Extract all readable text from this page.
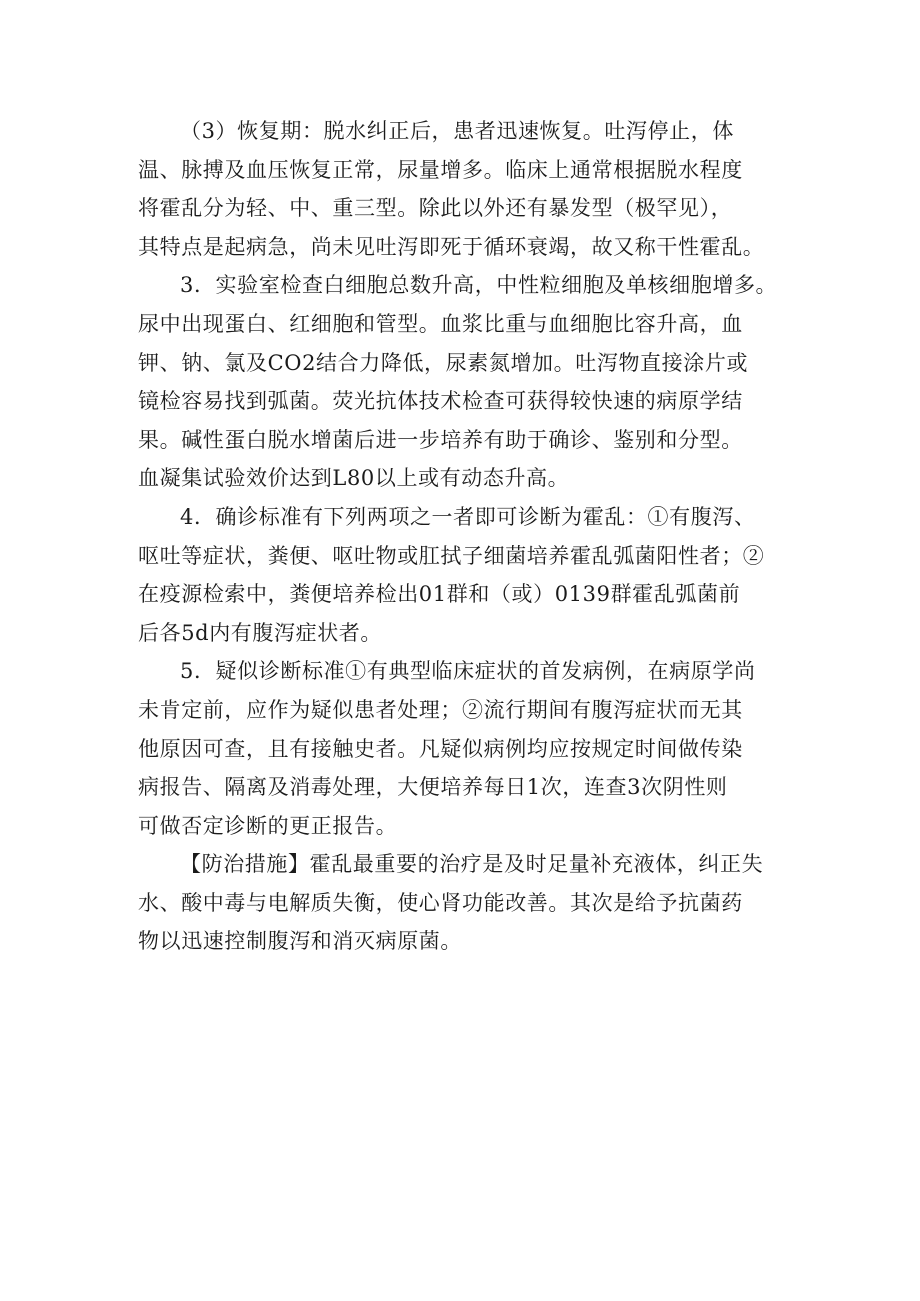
（3）恢复期：脱水纠正后，患者迅速恢复。吐泻停止，体
温、脉搏及血压恢复正常，尿量增多。临床上通常根据脱水程度
将霍乱分为轻、中、重三型。除此以外还有暴发型（极罕见），
其特点是起病急，尚未见吐泻即死于循环衰竭，故又称干性霍乱。
3．实验室检查白细胞总数升高，中性粒细胞及单核细胞增多。
尿中出现蛋白、红细胞和管型。血浆比重与血细胞比容升高，血
钾、钠、氯及CO2结合力降低，尿素氮增加。吐泻物直接涂片或
镜检容易找到弧菌。荧光抗体技术检查可获得较快速的病原学结
果。碱性蛋白脱水增菌后进一步培养有助于确诊、鉴别和分型。
血凝集试验效价达到L80以上或有动态升高。
4．确诊标准有下列两项之一者即可诊断为霍乱：①有腹泻、
呕吐等症状，粪便、呕吐物或肛拭子细菌培养霍乱弧菌阳性者；②
在疫源检索中，粪便培养检出01群和（或）0139群霍乱弧菌前
后各5d内有腹泻症状者。
5．疑似诊断标准①有典型临床症状的首发病例，在病原学尚
未肯定前，应作为疑似患者处理；②流行期间有腹泻症状而无其
他原因可查，且有接触史者。凡疑似病例均应按规定时间做传染
病报告、隔离及消毒处理，大便培养每日1次，连查3次阴性则
可做否定诊断的更正报告。
【防治措施】霍乱最重要的治疗是及时足量补充液体，纠正失
水、酸中毒与电解质失衡，使心肾功能改善。其次是给予抗菌药
物以迅速控制腹泻和消灭病原菌。
